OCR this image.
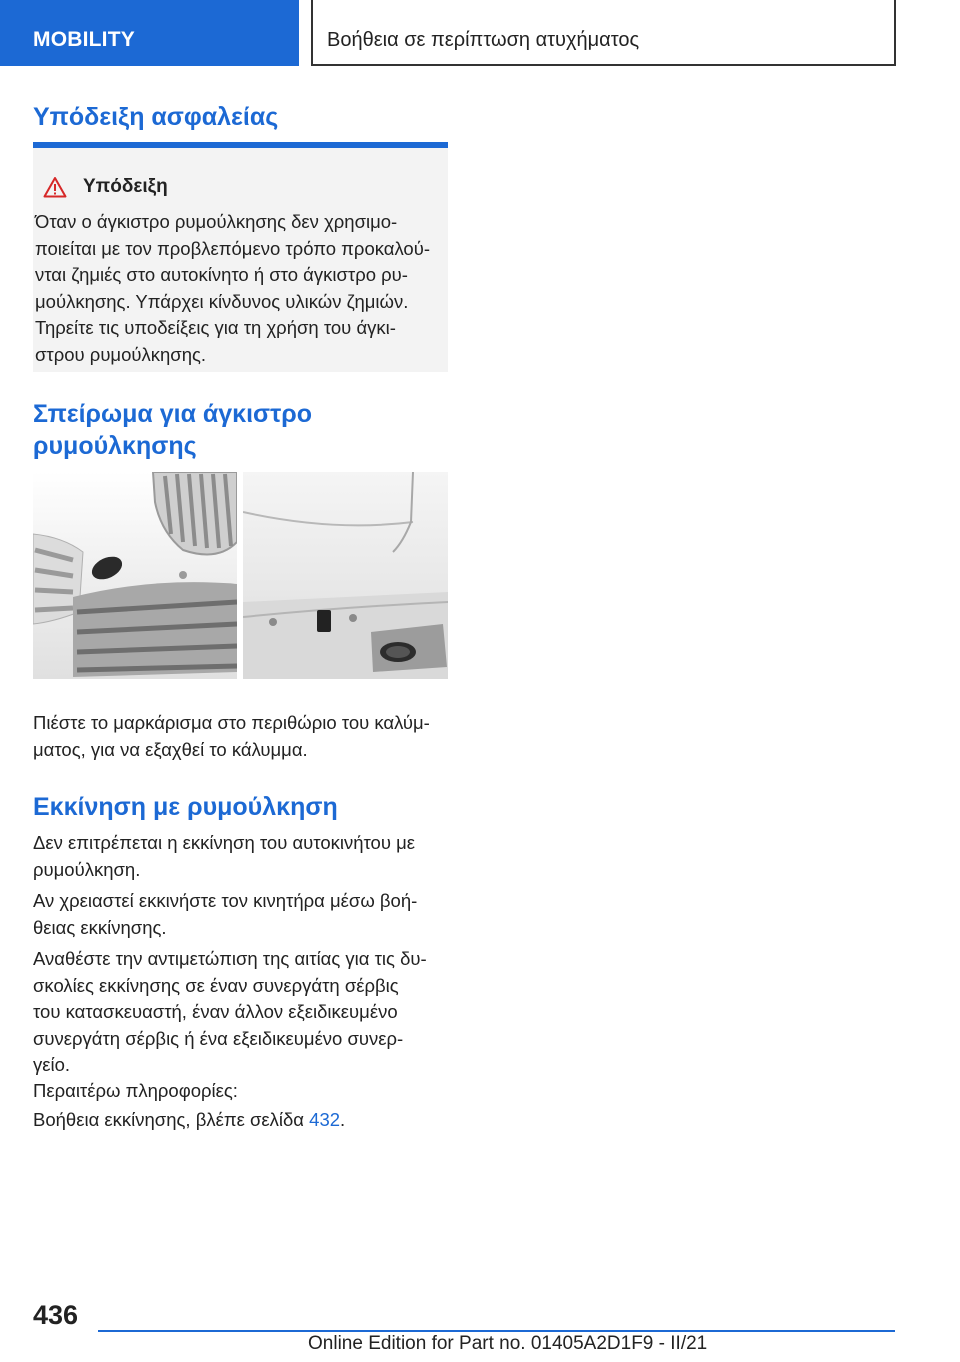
MOBILITY	Βοήθεια σε περίπτωση ατυχήματος
Υπόδειξη ασφαλείας
Υπόδειξη
Όταν ο άγκιστρο ρυμούλκησης δεν χρησιμο-
ποιείται με τον προβλεπόμενο τρόπο προκαλού-
νται ζημιές στο αυτοκίνητο ή στο άγκιστρο ρυ-
μούλκησης. Υπάρχει κίνδυνος υλικών ζημιών.
Τηρείτε τις υποδείξεις για τη χρήση του άγκι-
στρου ρυμούλκησης.
Σπείρωμα για άγκιστρο
ρυμούλκησης
Πιέστε το μαρκάρισμα στο περιθώριο του καλύμ-
ματος, για να εξαχθεί το κάλυμμα.
Εκκίνηση με ρυμούλκηση
Δεν επιτρέπεται η εκκίνηση του αυτοκινήτου με
ρυμούλκηση.
Αν χρειαστεί εκκινήστε τον κινητήρα μέσω βοή-
θειας εκκίνησης.
Αναθέστε την αντιμετώπιση της αιτίας για τις δυ-
σκολίες εκκίνησης σε έναν συνεργάτη σέρβις
του κατασκευαστή, έναν άλλον εξειδικευμένο
συνεργάτη σέρβις ή ένα εξειδικευμένο συνερ-
γείο.
Περαιτέρω πληροφορίες:
Βοήθεια εκκίνησης, βλέπε σελίδα 432.
436
Online Edition for Part no. 01405A2D1F9 - II/21
